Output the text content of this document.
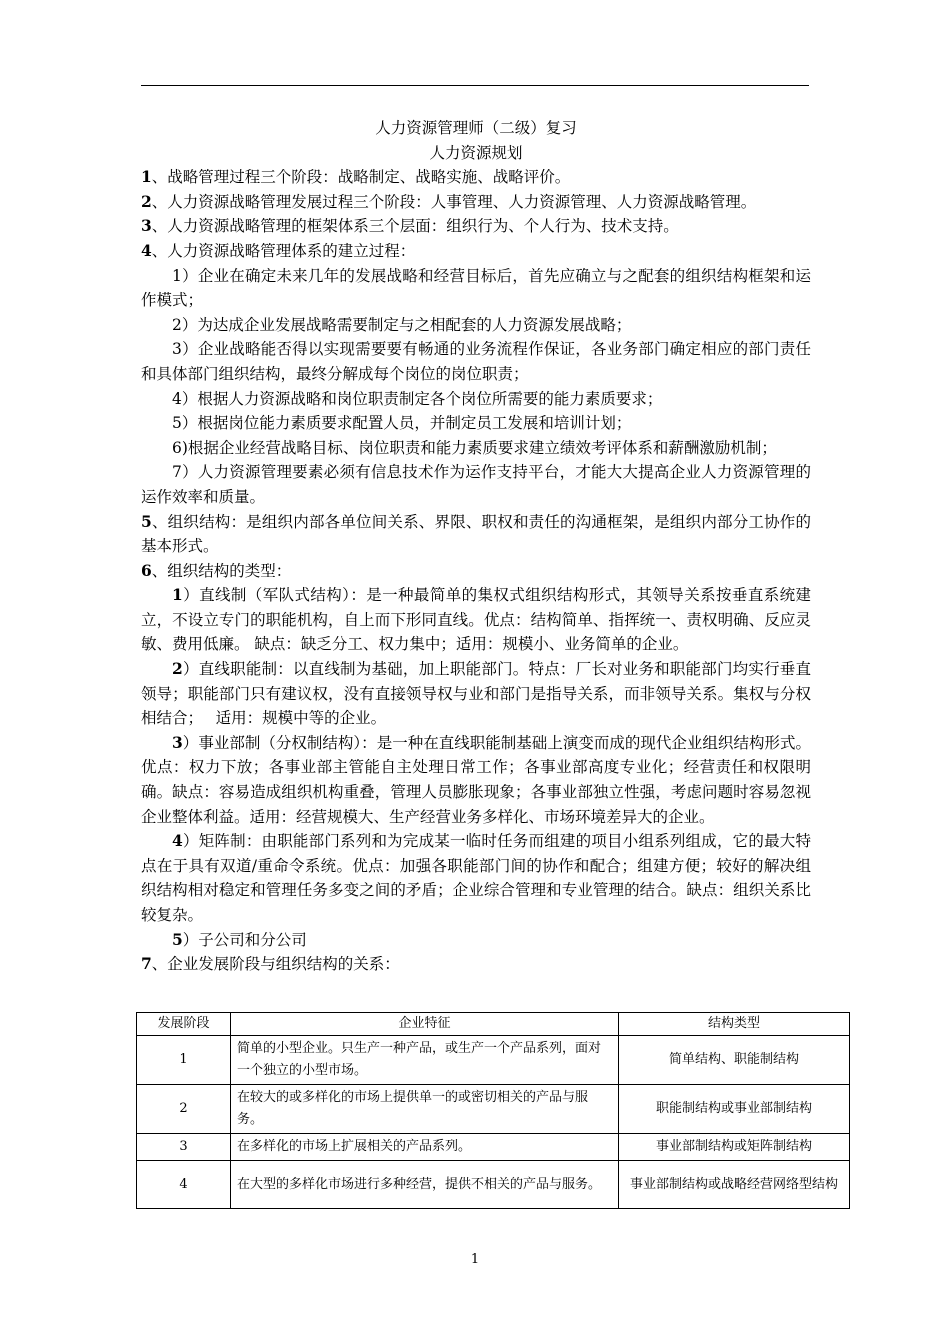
人力资源管理师（二级）复习
人力资源规划

1、战略管理过程三个阶段：战略制定、战略实施、战略评价。

2、人力资源战略管理发展过程三个阶段：人事管理、人力资源管理、人力资源战略管理。

3、人力资源战略管理的框架体系三个层面：组织行为、个人行为、技术支持。

4、人力资源战略管理体系的建立过程：

1）企业在确定未来几年的发展战略和经营目标后，首先应确立与之配套的组织结构框架和运作模式；

2）为达成企业发展战略需要制定与之相配套的人力资源发展战略；

3）企业战略能否得以实现需要要有畅通的业务流程作保证，各业务部门确定相应的部门责任和具体部门组织结构，最终分解成每个岗位的岗位职责；

4）根据人力资源战略和岗位职责制定各个岗位所需要的能力素质要求；

5）根据岗位能力素质要求配置人员，并制定员工发展和培训计划；

6)根据企业经营战略目标、岗位职责和能力素质要求建立绩效考评体系和薪酬激励机制；

7）人力资源管理要素必须有信息技术作为运作支持平台，才能大大提高企业人力资源管理的运作效率和质量。

5、组织结构：是组织内部各单位间关系、界限、职权和责任的沟通框架，是组织内部分工协作的基本形式。

6、组织结构的类型：

1）直线制（军队式结构）：是一种最简单的集权式组织结构形式，其领导关系按垂直系统建立，不设立专门的职能机构，自上而下形同直线。优点：结构简单、指挥统一、责权明确、反应灵敏、费用低廉。 缺点：缺乏分工、权力集中；适用：规模小、业务简单的企业。

2）直线职能制：以直线制为基础，加上职能部门。特点：厂长对业务和职能部门均实行垂直领导；职能部门只有建议权，没有直接领导权与业和部门是指导关系，而非领导关系。集权与分权相结合；　 适用：规模中等的企业。

3）事业部制（分权制结构）：是一种在直线职能制基础上演变而成的现代企业组织结构形式。优点：权力下放；各事业部主管能自主处理日常工作；各事业部高度专业化；经营责任和权限明确。缺点：容易造成组织机构重叠，管理人员膨胀现象；各事业部独立性强，考虑问题时容易忽视企业整体利益。适用：经营规模大、生产经营业务多样化、市场环境差异大的企业。

4）矩阵制：由职能部门系列和为完成某一临时任务而组建的项目小组系列组成，它的最大特点在于具有双道/重命令系统。优点：加强各职能部门间的协作和配合；组建方便；较好的解决组织结构相对稳定和管理任务多变之间的矛盾；企业综合管理和专业管理的结合。缺点：组织关系比较复杂。

5）子公司和分公司

7、企业发展阶段与组织结构的关系：

发展阶段	企业特征	结构类型
1	简单的小型企业。只生产一种产品，或生产一个产品系列，面对一个独立的小型市场。	简单结构、职能制结构
2	在较大的或多样化的市场上提供单一的或密切相关的产品与服务。	职能制结构或事业部制结构
3	在多样化的市场上扩展相关的产品系列。	事业部制结构或矩阵制结构
4	在大型的多样化市场进行多种经营，提供不相关的产品与服务。	事业部制结构或战略经营网络型结构
1
